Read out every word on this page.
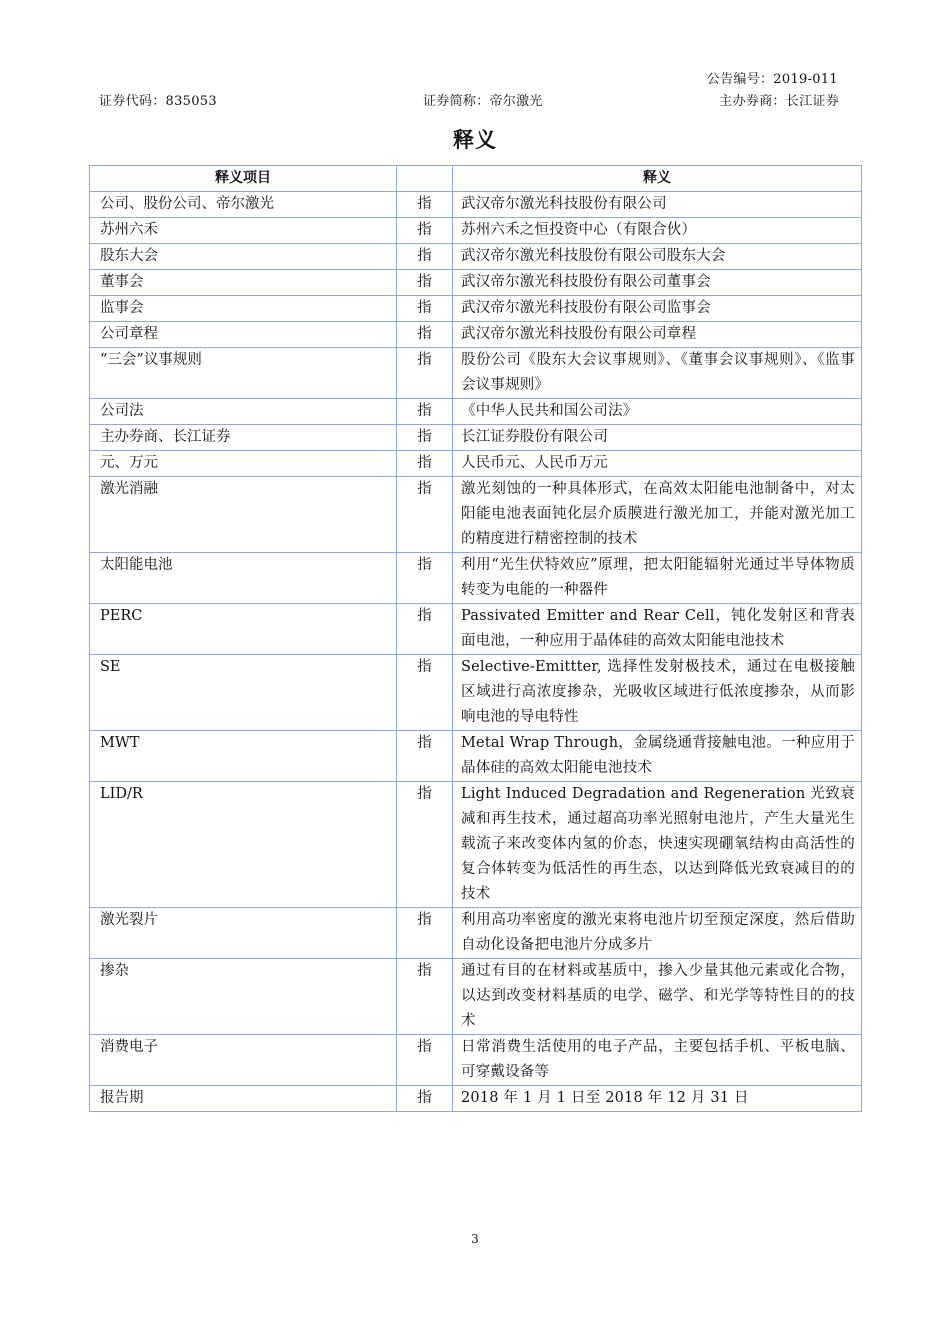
公告编号：2019-011
证券代码：835053	证券简称：帝尔激光	主办券商：长江证券
释义
释义项目		释义
公司、股份公司、帝尔激光	指	武汉帝尔激光科技股份有限公司
苏州六禾	指	苏州六禾之恒投资中心（有限合伙）
股东大会	指	武汉帝尔激光科技股份有限公司股东大会
董事会	指	武汉帝尔激光科技股份有限公司董事会
监事会	指	武汉帝尔激光科技股份有限公司监事会
公司章程	指	武汉帝尔激光科技股份有限公司章程
“三会”议事规则	指	股份公司《股东大会议事规则》、《董事会议事规则》、《监事会议事规则》
公司法	指	《中华人民共和国公司法》
主办券商、长江证券	指	长江证券股份有限公司
元、万元	指	人民币元、人民币万元
激光消融	指	激光刻蚀的一种具体形式，在高效太阳能电池制备中，对太阳能电池表面钝化层介质膜进行激光加工，并能对激光加工的精度进行精密控制的技术
太阳能电池	指	利用“光生伏特效应”原理，把太阳能辐射光通过半导体物质转变为电能的一种器件
PERC	指	Passivated Emitter and Rear Cell，钝化发射区和背表面电池，一种应用于晶体硅的高效太阳能电池技术
SE	指	Selective-Emittter, 选择性发射极技术，通过在电极接触区域进行高浓度掺杂，光吸收区域进行低浓度掺杂，从而影响电池的导电特性
MWT	指	Metal Wrap Through，金属绕通背接触电池。一种应用于晶体硅的高效太阳能电池技术
LID/R	指	Light Induced Degradation and Regeneration 光致衰减和再生技术，通过超高功率光照射电池片，产生大量光生载流子来改变体内氢的价态，快速实现硼氧结构由高活性的复合体转变为低活性的再生态，以达到降低光致衰减目的的技术
激光裂片	指	利用高功率密度的激光束将电池片切至预定深度，然后借助自动化设备把电池片分成多片
掺杂	指	通过有目的在材料或基质中，掺入少量其他元素或化合物，以达到改变材料基质的电学、磁学、和光学等特性目的的技术
消费电子	指	日常消费生活使用的电子产品，主要包括手机、平板电脑、可穿戴设备等
报告期	指	2018 年 1 月 1 日至 2018 年 12 月 31 日
3
